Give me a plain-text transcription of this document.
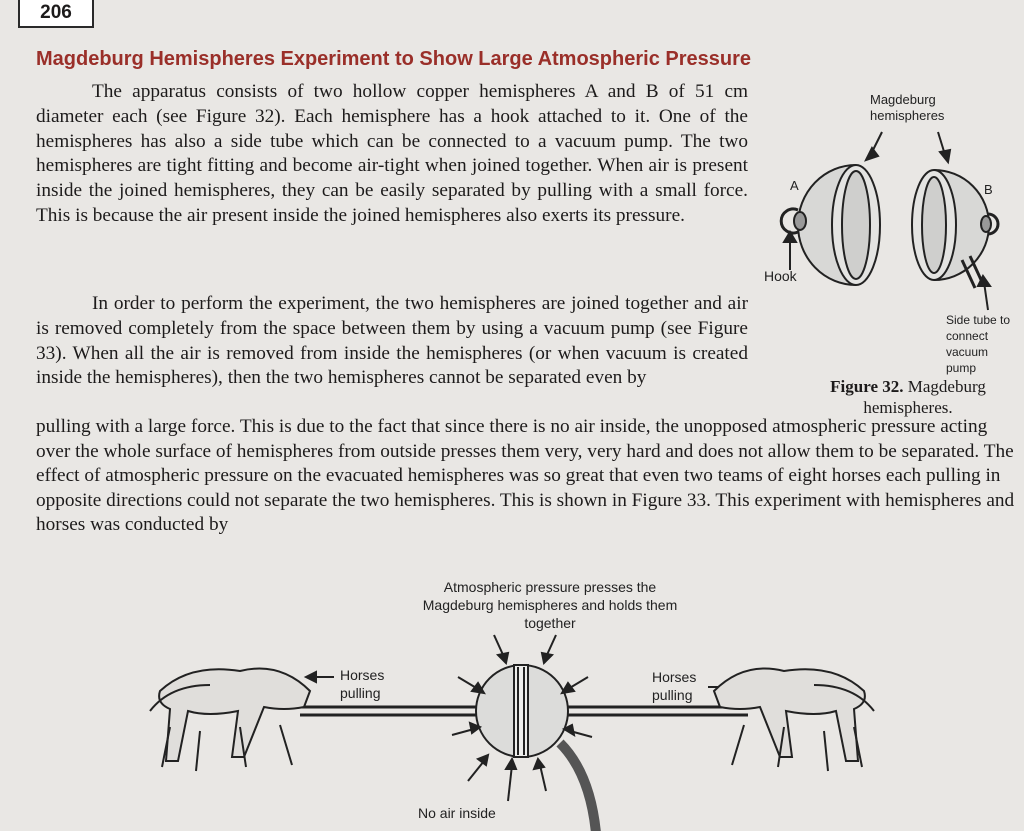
206
Magdeburg Hemispheres Experiment to Show Large Atmospheric Pressure

The apparatus consists of two hollow copper hemispheres A and B of 51 cm diameter each (see Figure 32). Each hemisphere has a hook attached to it. One of the hemispheres has also a side tube which can be connected to a vacuum pump. The two hemispheres are tight fitting and become air-tight when joined together. When air is present inside the joined hemispheres, they can be easily separated by pulling with a small force. This is because the air present inside the joined hemispheres also exerts its pressure.

In order to perform the experiment, the two hemispheres are joined together and air is removed completely from the space between them by using a vacuum pump (see Figure 33). When all the air is removed from inside the hemispheres (or when vacuum is created inside the hemispheres), then the two hemispheres cannot be separated even by

pulling with a large force. This is due to the fact that since there is no air inside, the unopposed atmospheric pressure acting over the whole surface of hemispheres from outside presses them very, very hard and does not allow them to be separated. The effect of atmospheric pressure on the evacuated hemispheres was so great that even two teams of eight horses each pulling in opposite directions could not separate the two hemispheres. This is shown in Figure 33. This experiment with hemispheres and horses was conducted by

Magdeburg hemispheres
A	B
Hook
Side tube to connect vacuum pump
Figure 32. Magdeburg hemispheres.
Atmospheric pressure presses the Magdeburg hemispheres and holds them together
Horses pulling
Horses pulling
No air inside
